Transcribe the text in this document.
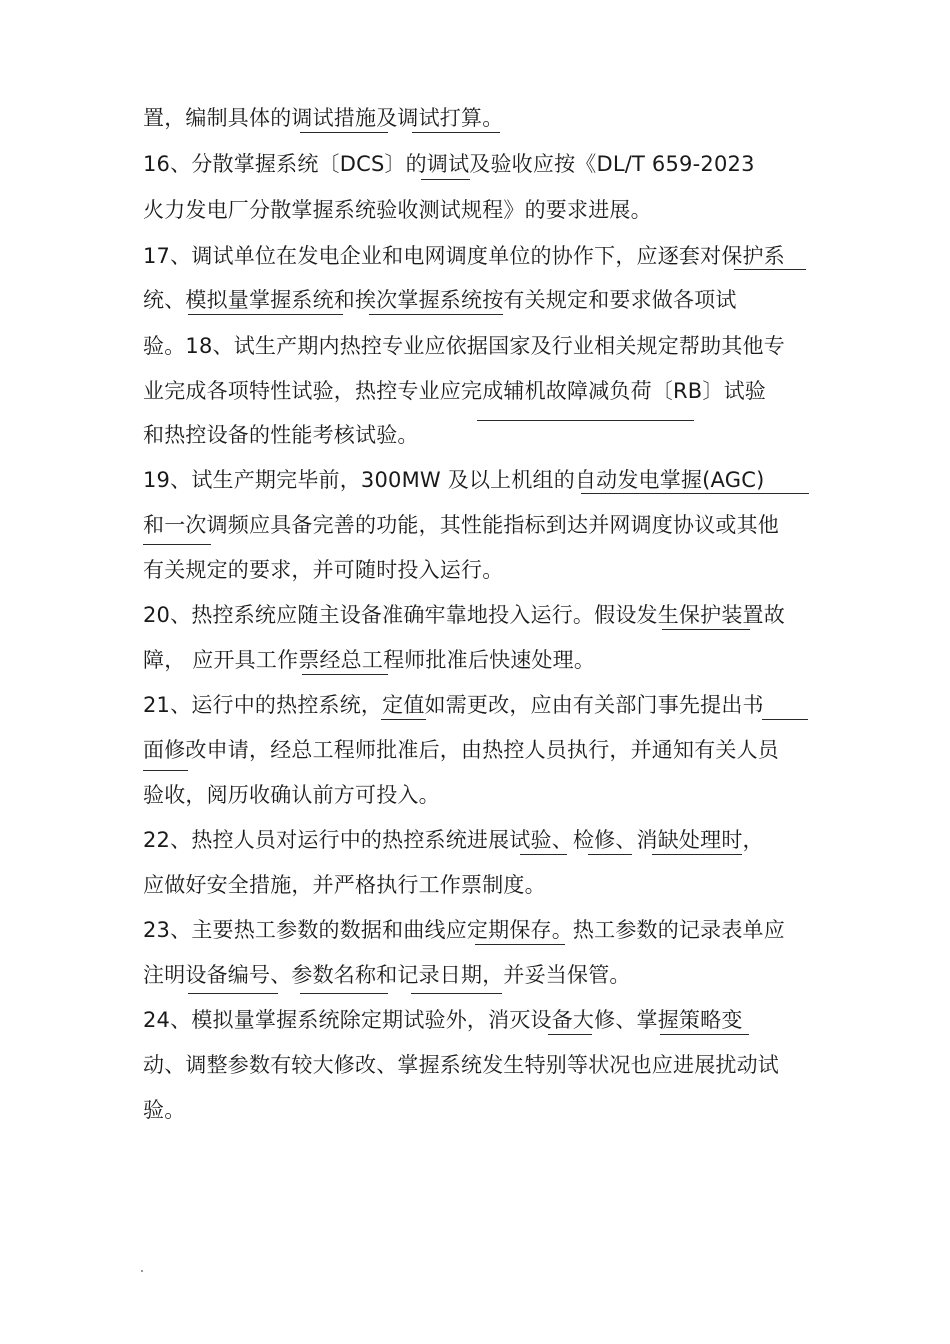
置，编制具体的调试措施及调试打算。
16、分散掌握系统〔DCS〕的调试及验收应按《DL/T 659-2023
火力发电厂分散掌握系统验收测试规程》的要求进展。
17、调试单位在发电企业和电网调度单位的协作下，应逐套对保护系
统、模拟量掌握系统和挨次掌握系统按有关规定和要求做各项试
验。18、试生产期内热控专业应依据国家及行业相关规定帮助其他专
业完成各项特性试验，热控专业应完成辅机故障减负荷〔RB〕试验
和热控设备的性能考核试验。
19、试生产期完毕前，300MW 及以上机组的自动发电掌握(AGC)
和一次调频应具备完善的功能，其性能指标到达并网调度协议或其他
有关规定的要求，并可随时投入运行。
20、热控系统应随主设备准确牢靠地投入运行。假设发生保护装置故
障， 应开具工作票经总工程师批准后快速处理。
21、运行中的热控系统，定值如需更改，应由有关部门事先提出书
面修改申请，经总工程师批准后，由热控人员执行，并通知有关人员
验收，阅历收确认前方可投入。
22、热控人员对运行中的热控系统进展试验、检修、消缺处理时，
应做好安全措施，并严格执行工作票制度。
23、主要热工参数的数据和曲线应定期保存。热工参数的记录表单应
注明设备编号、参数名称和记录日期，并妥当保管。
24、模拟量掌握系统除定期试验外，消灭设备大修、掌握策略变
动、调整参数有较大修改、掌握系统发生特别等状况也应进展扰动试
验。
